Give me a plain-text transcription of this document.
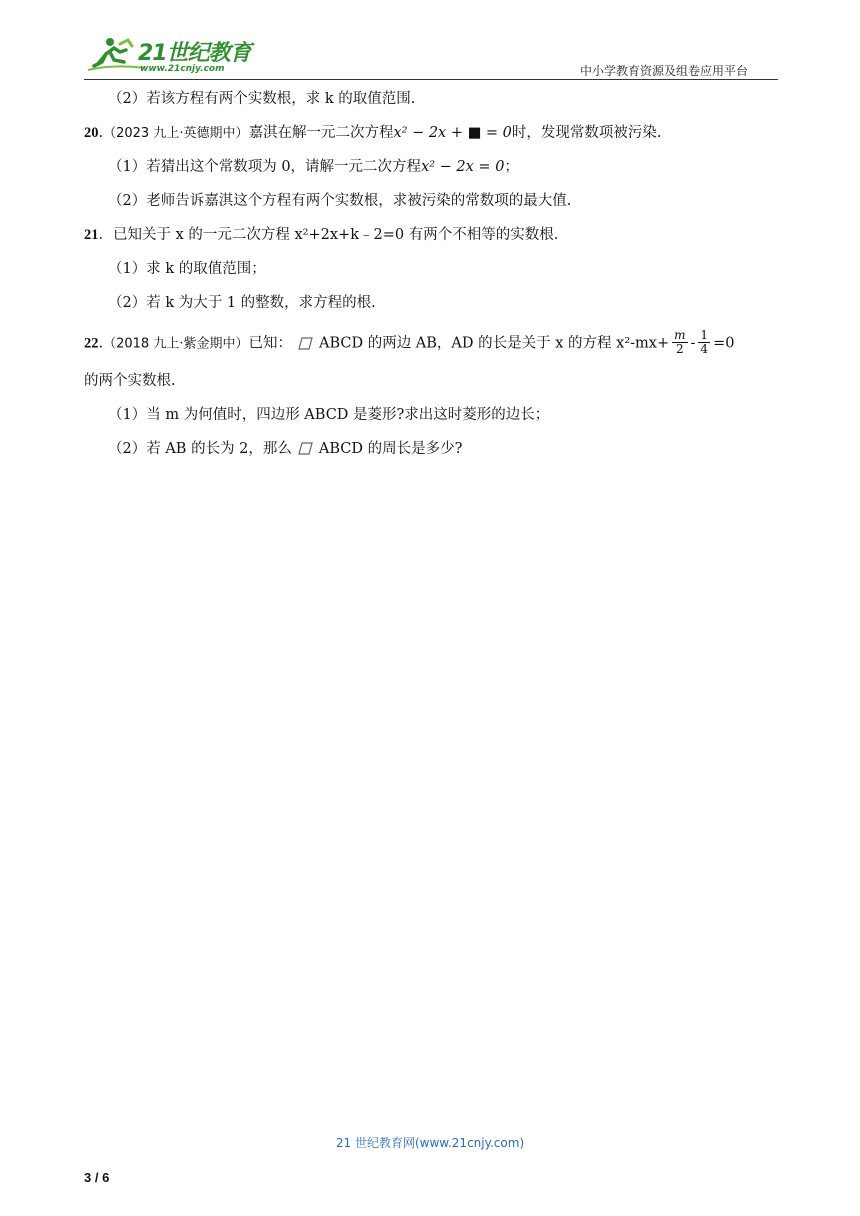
21世纪教育
www.21cnjy.com	中小学教育资源及组卷应用平台
（2）若该方程有两个实数根，求 k 的取值范围.
20.（2023 九上·英德期中）嘉淇在解一元二次方程x² − 2x + ■ = 0时，发现常数项被污染.
（1）若猜出这个常数项为 0，请解一元二次方程x² − 2x = 0；
（2）老师告诉嘉淇这个方程有两个实数根，求被污染的常数项的最大值.
21．已知关于 x 的一元二次方程 x²+2x+k﹣2=0 有两个不相等的实数根.
（1）求 k 的取值范围；
（2）若 k 为大于 1 的整数，求方程的根.
22.（2018 九上·紫金期中）已知： ABCD 的两边 AB，AD 的长是关于 x 的方程 $x^2-mx+ \frac{m}{2} - \frac{1}{4} =0$
的两个实数根.
（1）当 m 为何值时，四边形 ABCD 是菱形?求出这时菱形的边长；
（2）若 AB 的长为 2，那么 ABCD 的周长是多少?
21 世纪教育网(www.21cnjy.com)
3 / 6
